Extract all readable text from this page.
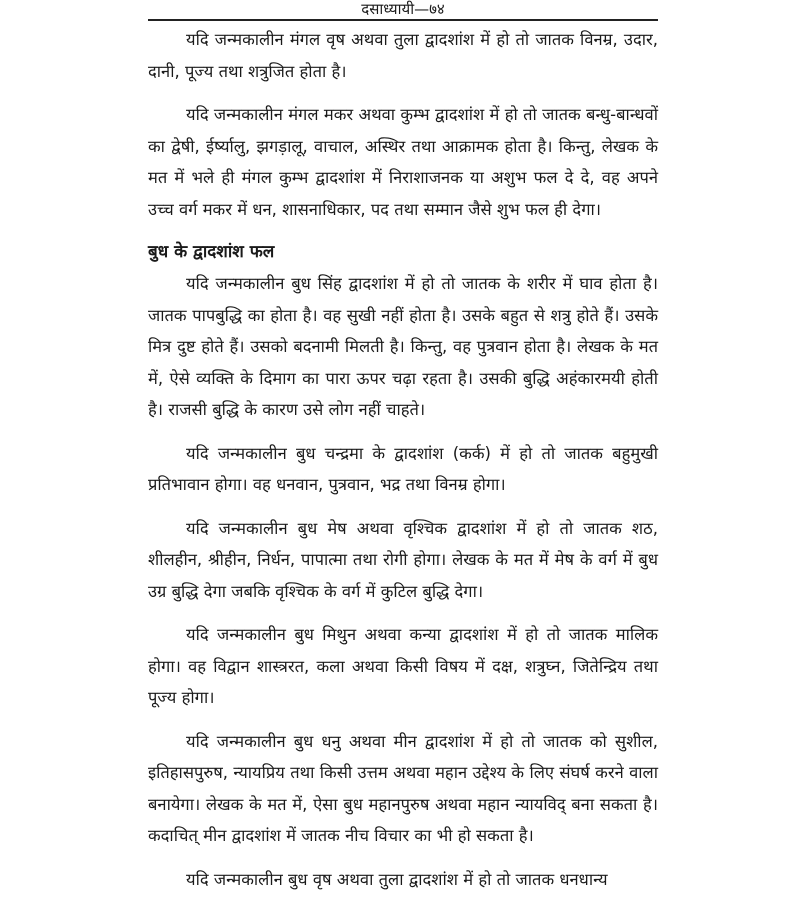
दसाध्यायी—७४

यदि जन्मकालीन मंगल वृष अथवा तुला द्वादशांश में हो तो जातक विनम्र, उदार, दानी, पूज्य तथा शत्रुजित होता है।

यदि जन्मकालीन मंगल मकर अथवा कुम्भ द्वादशांश में हो तो जातक बन्धु-बान्धवों का द्वेषी, ईर्ष्यालु, झगड़ालू, वाचाल, अस्थिर तथा आक्रामक होता है। किन्तु, लेखक के मत में भले ही मंगल कुम्भ द्वादशांश में निराशाजनक या अशुभ फल दे दे, वह अपने उच्च वर्ग मकर में धन, शासनाधिकार, पद तथा सम्मान जैसे शुभ फल ही देगा।

बुध के द्वादशांश फल

यदि जन्मकालीन बुध सिंह द्वादशांश में हो तो जातक के शरीर में घाव होता है। जातक पापबुद्धि का होता है। वह सुखी नहीं होता है। उसके बहुत से शत्रु होते हैं। उसके मित्र दुष्ट होते हैं। उसको बदनामी मिलती है। किन्तु, वह पुत्रवान होता है। लेखक के मत में, ऐसे व्यक्ति के दिमाग का पारा ऊपर चढ़ा रहता है। उसकी बुद्धि अहंकारमयी होती है। राजसी बुद्धि के कारण उसे लोग नहीं चाहते।

यदि जन्मकालीन बुध चन्द्रमा के द्वादशांश (कर्क) में हो तो जातक बहुमुखी प्रतिभावान होगा। वह धनवान, पुत्रवान, भद्र तथा विनम्र होगा।

यदि जन्मकालीन बुध मेष अथवा वृश्चिक द्वादशांश में हो तो जातक शठ, शीलहीन, श्रीहीन, निर्धन, पापात्मा तथा रोगी होगा। लेखक के मत में मेष के वर्ग में बुध उग्र बुद्धि देगा जबकि वृश्चिक के वर्ग में कुटिल बुद्धि देगा।

यदि जन्मकालीन बुध मिथुन अथवा कन्या द्वादशांश में हो तो जातक मालिक होगा। वह विद्वान शास्त्ररत, कला अथवा किसी विषय में दक्ष, शत्रुघ्न, जितेन्द्रिय तथा पूज्य होगा।

यदि जन्मकालीन बुध धनु अथवा मीन द्वादशांश में हो तो जातक को सुशील, इतिहासपुरुष, न्यायप्रिय तथा किसी उत्तम अथवा महान उद्देश्य के लिए संघर्ष करने वाला बनायेगा। लेखक के मत में, ऐसा बुध महानपुरुष अथवा महान न्यायविद् बना सकता है। कदाचित् मीन द्वादशांश में जातक नीच विचार का भी हो सकता है।

यदि जन्मकालीन बुध वृष अथवा तुला द्वादशांश में हो तो जातक धनधान्य
